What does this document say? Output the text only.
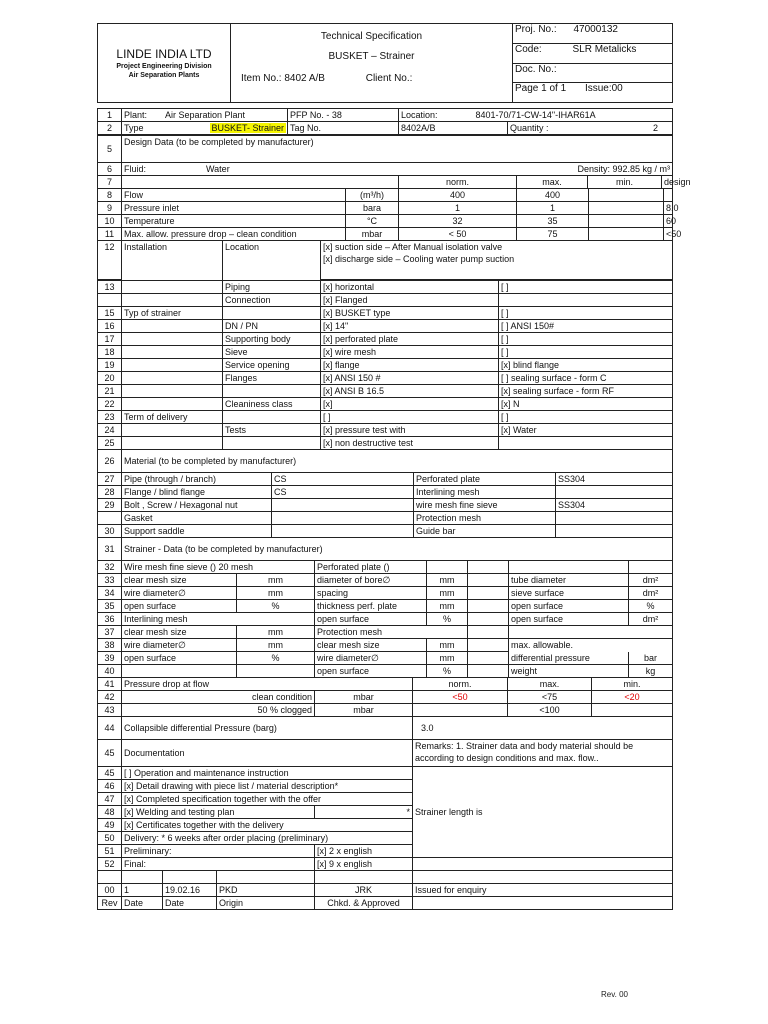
LINDE INDIA LTD
Project Engineering Division
Air Separation Plants

Technical Specification
BUSKET – Strainer
Item No.: 8402 A/B	Client No.:
	Proj. No.: 47000132
Code:	SLR Metalicks
Doc. No.:
Page 1 of 1 Issue:00
1	Plant: Air Separation Plant	PFP No. - 38	Location: 8401-70/71-CW-14"-IHAR61A	
2	Type BUSKET- Strainer	Tag No.	8402A/B	Quantity : 2
5	Design Data (to be completed by manufacturer)				
6	Fluid: Water		Density: 992.85 kg / m³		
7		norm.	max.	min.	design
8	Flow	(m³/h)	400	400		
9	Pressure inlet	bara	1	1		8.0
10	Temperature	°C	32	35		60
11	Max. allow. pressure drop – clean condition	mbar	< 50	75		<50
12	Installation	Location	[x] suction side – After Manual isolation valve
[x] discharge side – Cooling water pump suction	

13		Piping	[x] horizontal	[ ]
		Connection	[x] Flanged	
15	Typ of strainer		[x] BUSKET type	[ ]
16		DN / PN	[x] 14"	[ ] ANSI 150#
17		Supporting body	[x] perforated plate	[ ]
18		Sieve	[x] wire mesh	[ ]
19		Service opening	[x] flange	[x] blind flange
20		Flanges	[x] ANSI 150 #	[ ] sealing surface - form C
21			[x] ANSI B 16.5	[x] sealing surface - form RF
22		Cleaniness class	[x]	[x] N
23	Term of delivery		[ ]	[ ]
24		Tests	[x] pressure test with	[x] Water
25			[x] non destructive test	
26	Material (to be completed by manufacturer)			
27	Pipe (through / branch)	CS	Perforated plate	SS304
28	Flange / blind flange	CS	Interlining mesh	
29	Bolt , Screw / Hexagonal nut		wire mesh fine sieve	SS304
	Gasket		Protection mesh	
30	Support saddle		Guide bar	
31	Strainer - Data (to be completed by manufacturer)						
32	Wire mesh fine sieve () 20 mesh		Perforated plate ()				
33	clear mesh size	mm	diameter of bore∅	mm		tube diameter	dm²
34	wire diameter∅	mm	spacing	mm		sieve surface	dm²
35	open surface	%	thickness perf. plate	mm		open surface	%
36	Interlining mesh		open surface	%		open surface	dm²
37	clear mesh size	mm	Protection mesh				
38	wire diameter∅	mm	clear mesh size	mm		max. allowable.	
39	open surface	%	wire diameter∅	mm		differential pressure	bar
40			open surface	%		weight	kg
41	Pressure drop at flow		norm.	max.	min.
42	clean condition	mbar	<50	<75	<20
43	50 % clogged	mbar		<100	
44	Collapsible differential Pressure (barg)		3.0
45	Documentation		Remarks: 1. Strainer data and body material should be
according to design conditions and max. flow..

45	[ ] Operation and maintenance instruction		Strainer length is
46	[x] Detail drawing with piece list / material description*		
47	[x] Completed specification together with the offer		
48	[x] Welding and testing plan	*	
49	[x] Certificates together with the delivery		
50	Delivery: * 6 weeks after order placing (preliminary)		
51	Preliminary:	[x] 2 x english	
52	Final:	[x] 9 x english	

00	1	19.02.16	PKD	JRK	Issued for enquiry
Rev	Date	Date	Origin	Chkd. & Approved	
Rev. 00
